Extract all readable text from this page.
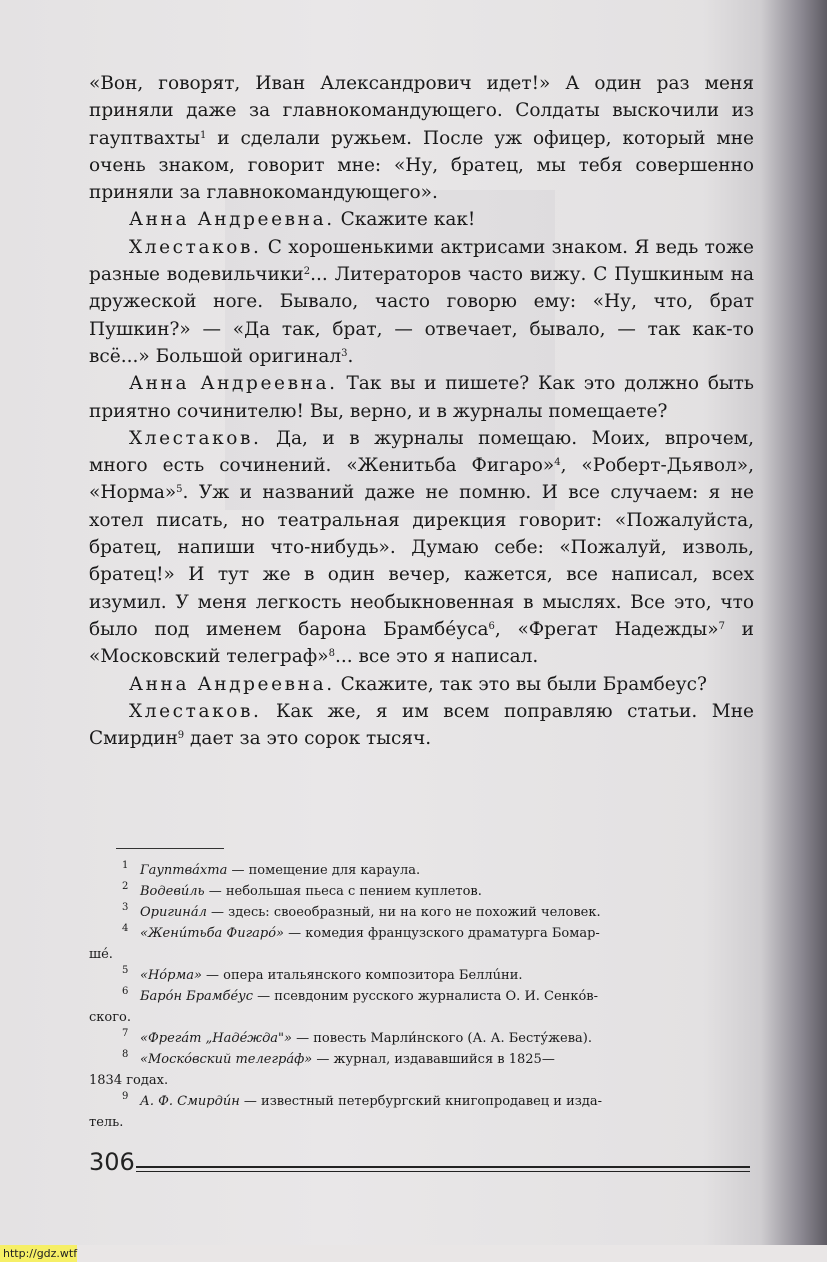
«Вон, говорят, Иван Александрович идет!» А один раз меня приняли даже за главнокомандующего. Солдаты выскочили из гауптвахты$^1$ и сделали ружьем. После уж офицер, который мне очень знаком, говорит мне: «Ну, братец, мы тебя совершенно приняли за главнокомандующего».

Анна Андреевна. Скажите как!

Хлестаков. С хорошенькими актрисами знаком. Я ведь тоже разные водевильчики$^2$... Литераторов часто вижу. С Пушкиным на дружеской ноге. Бывало, часто говорю ему: «Ну, что, брат Пушкин?» — «Да так, брат, — отвечает, бывало, — так как-то всё...» Большой оригинал$^3$.

Анна Андреевна. Так вы и пишете? Как это должно быть приятно сочинителю! Вы, верно, и в журналы помещаете?

Хлестаков. Да, и в журналы помещаю. Моих, впрочем, много есть сочинений. «Женитьба Фигаро»$^4$, «Роберт-Дьявол», «Норма»$^5$. Уж и названий даже не помню. И все случаем: я не хотел писать, но театральная дирекция говорит: «Пожалуйста, братец, напиши что-нибудь». Думаю себе: «Пожалуй, изволь, братец!» И тут же в один вечер, кажется, все написал, всех изумил. У меня легкость необыкновенная в мыслях. Все это, что было под именем барона Брамбéуса$^6$, «Фрегат Надежды»$^7$ и «Московский телеграф»$^8$... все это я написал.

Анна Андреевна. Скажите, так это вы были Брамбеус?

Хлестаков. Как же, я им всем поправляю статьи. Мне Смирдин$^9$ дает за это сорок тысяч.

1 Гауптвáхта — помещение для караула.
2 Водеви́ль — небольшая пьеса с пением куплетов.
3 Оригинáл — здесь: своеобразный, ни на кого не похожий человек.
4 «Жени́тьба Фигарó» — комедия французского драматурга Бомар-
шé.
5 «Нóрма» — опера итальянского композитора Беллúни.
6 Барóн Брамбéус — псевдоним русского журналиста О. И. Сенкóв-
ского.
7 «Фрегáт „Надéжда"» — повесть Марли́нского (А. А. Бесту́жева).
8 «Москóвский телегрáф» — журнал, издававшийся в 1825—
1834 годах.
9 А. Ф. Смирди́н — известный петербургский книгопродавец и изда-
тель.
306
http://gdz.wtf
